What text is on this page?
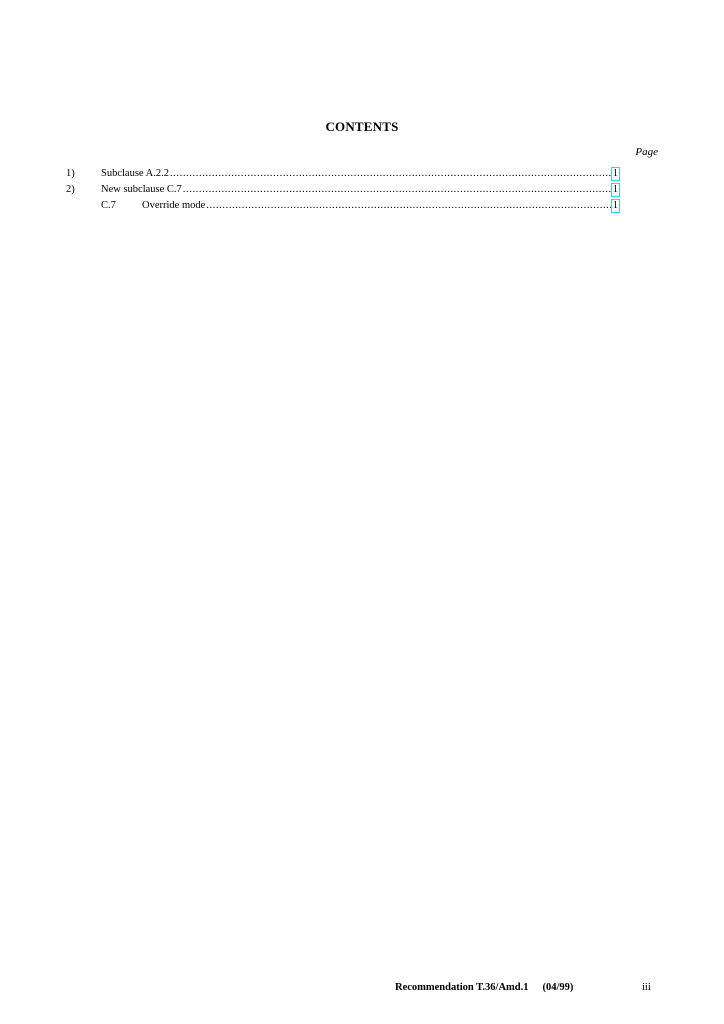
CONTENTS
Page
1)	Subclause A.2.2 .....	1
2)	New subclause C.7 .....	1
C.7	Override mode .....	1
Recommendation T.36/Amd.1 (04/99)	iii
